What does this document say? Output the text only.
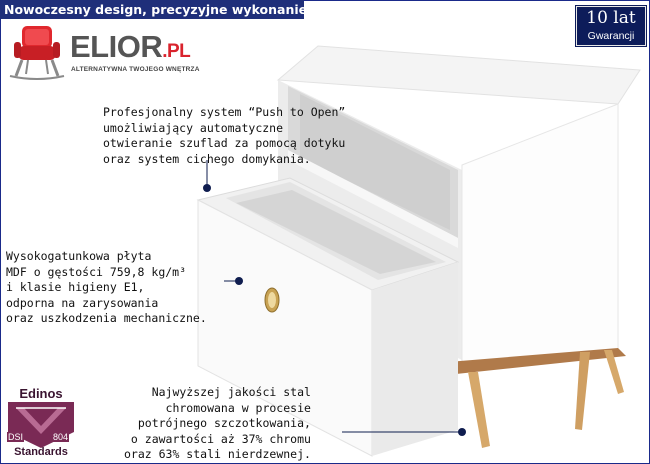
Nowoczesny design, precyzyjne wykonanie!	10 lat
Gwarancji
ELIOR.PL
ALTERNATYWNA TWOJEGO WNĘTRZA
Profesjonalny system “Push to Open”
umożliwiający automatyczne
otwieranie szuflad za pomocą dotyku
oraz system cichego domykania.
Wysokogatunkowa płyta
MDF o gęstości 759,8 kg/m³
i klasie higieny E1,
odporna na zarysowania
oraz uszkodzenia mechaniczne.
Najwyższej jakości stal
chromowana w procesie
potrójnego szczotkowania,
o zawartości aż 37% chromu
oraz 63% stali nierdzewnej.
Edinos
DSI	804
Standards
